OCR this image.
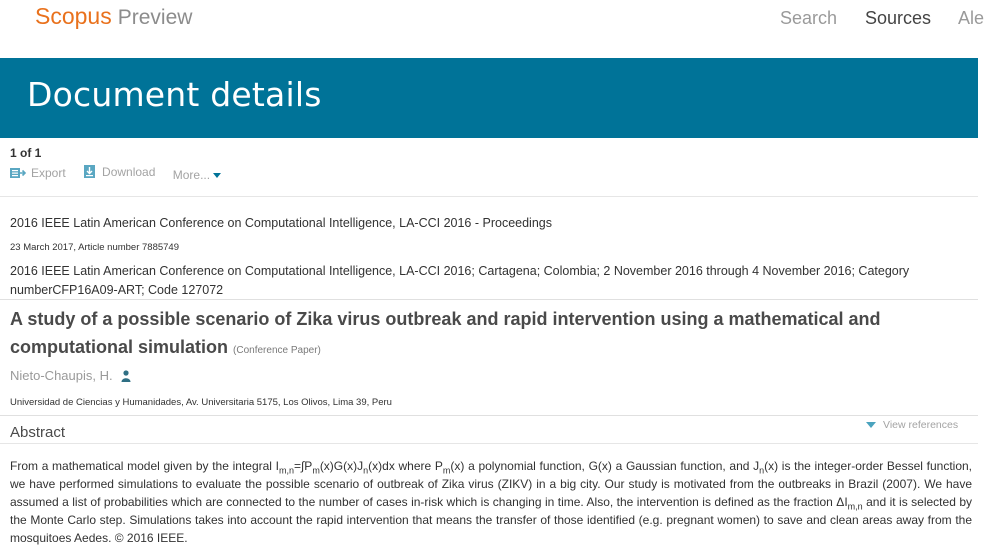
Scopus Preview	Search Sources Ale
Document details
1 of 1
Export
	Download
More...
2016 IEEE Latin American Conference on Computational Intelligence, LA-CCI 2016 - Proceedings
23 March 2017, Article number 7885749
2016 IEEE Latin American Conference on Computational Intelligence, LA-CCI 2016; Cartagena; Colombia; 2 November 2016 through 4 November 2016; Category numberCFP16A09-ART; Code 127072
A study of a possible scenario of Zika virus outbreak and rapid intervention using a mathematical and computational simulation (Conference Paper)
Nieto-Chaupis, H.
Universidad de Ciencias y Humanidades, Av. Universitaria 5175, Los Olivos, Lima 39, Peru
Abstract	View references
From a mathematical model given by the integral $I_{m,n}=\int P_m(x)G(x)J_n(x)dx$ where $P_m(x)$ a polynomial function, G(x) a Gaussian function, and $J_n(x)$ is the integer-order Bessel function, we have performed simulations to evaluate the possible scenario of outbreak of Zika virus (ZIKV) in a big city. Our study is motivated from the outbreaks in Brazil (2007). We have assumed a list of probabilities which are connected to the number of cases in-risk which is changing in time. Also, the intervention is defined as the fraction $\Delta I_{m,n}$ and it is selected by the Monte Carlo step. Simulations takes into account the rapid intervention that means the transfer of those identified (e.g. pregnant women) to save and clean areas away from the mosquitoes Aedes. © 2016 IEEE.
